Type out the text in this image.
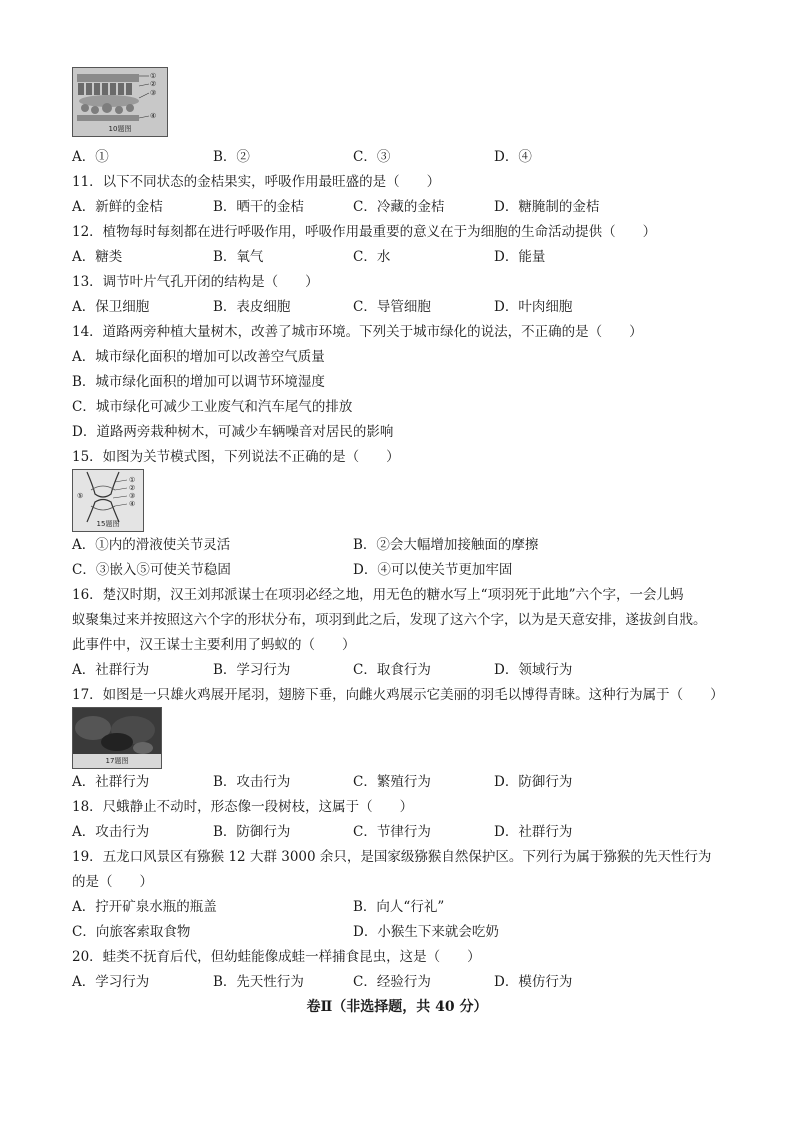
①
②
③
④
10题图
A．①	B．②	C．③	D．④
11．以下不同状态的金桔果实，呼吸作用最旺盛的是（　　）
A．新鲜的金桔	B．晒干的金桔	C．冷藏的金桔	D．糖腌制的金桔
12．植物每时每刻都在进行呼吸作用，呼吸作用最重要的意义在于为细胞的生命活动提供（　　）
A．糖类	B．氧气	C．水	D．能量
13．调节叶片气孔开闭的结构是（　　）
A．保卫细胞	B．表皮细胞	C．导管细胞	D．叶肉细胞
14．道路两旁种植大量树木，改善了城市环境。下列关于城市绿化的说法，不正确的是（　　）
A．城市绿化面积的增加可以改善空气质量
B．城市绿化面积的增加可以调节环境湿度
C．城市绿化可减少工业废气和汽车尾气的排放
D．道路两旁栽种树木，可减少车辆噪音对居民的影响
15．如图为关节模式图，下列说法不正确的是（　　）
①
②
③
④
⑤
15题图
A．①内的滑液使关节灵活	B．②会大幅增加接触面的摩擦
C．③嵌入⑤可使关节稳固	D．④可以使关节更加牢固
16．楚汉时期，汉王刘邦派谋士在项羽必经之地，用无色的糖水写上“项羽死于此地”六个字，一会儿蚂
蚁聚集过来并按照这六个字的形状分布，项羽到此之后，发现了这六个字，以为是天意安排，遂拔剑自戕。
此事件中，汉王谋士主要利用了蚂蚁的（　　）
A．社群行为	B．学习行为	C．取食行为	D．领域行为
17．如图是一只雄火鸡展开尾羽，翅膀下垂，向雌火鸡展示它美丽的羽毛以博得青睐。这种行为属于（　　）
17题图
A．社群行为	B．攻击行为	C．繁殖行为	D．防御行为
18．尺蛾静止不动时，形态像一段树枝，这属于（　　）
A．攻击行为	B．防御行为	C．节律行为	D．社群行为
19．五龙口风景区有猕猴 12 大群 3000 余只，是国家级猕猴自然保护区。下列行为属于猕猴的先天性行为
的是（　　）
A．拧开矿泉水瓶的瓶盖	B．向人“行礼”
C．向旅客索取食物	D．小猴生下来就会吃奶
20．蛙类不抚育后代，但幼蛙能像成蛙一样捕食昆虫，这是（　　）
A．学习行为	B．先天性行为	C．经验行为	D．模仿行为
卷Ⅱ（非选择题，共 40 分）
